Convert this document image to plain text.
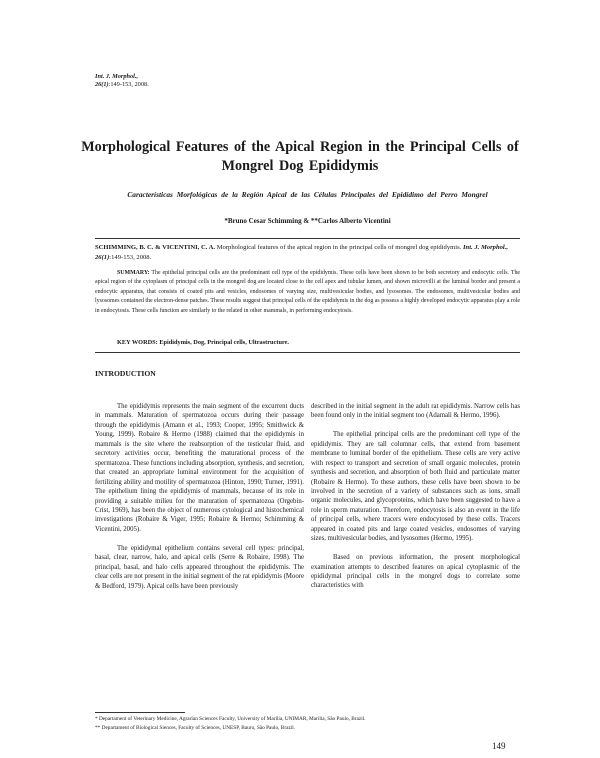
Int. J. Morphol.,
26(1):149-153, 2008.
Morphological Features of the Apical Region in the Principal Cells of Mongrel Dog Epididymis
Características Morfológicas de la Región Apical de las Células Principales del Epidídimo del Perro Mongrel
*Bruno Cesar Schimming & **Carlos Alberto Vicentini
SCHIMMING, B. C. & VICENTINI, C. A. Morphological features of the apical region in the principal cells of mongrel dog epididymis. Int. J. Morphol., 26(1):149-153, 2008.
SUMMARY: The epithelial principal cells are the predominant cell type of the epididymis. These cells have been shown to be both secretory and endocytic cells. The apical region of the cytoplasm of principal cells in the mongrel dog are located close to the cell apex and tubular lumen, and shown microvilli at the luminal border and present a endocytic apparatus, that consists of coated pits and vesicles, endosomes of varying size, multivesicular bodies, and lysosomes. The endosomes, multivesicular bodies and lysosomes contained the electron-dense patches. These results suggest that principal cells of the epididymis in the dog as possess a highly developed endocytic apparatus play a role in endocytosis. These cells function are similarly to the related in other mammals, in performing endocytosis.
KEY WORDS: Epididymis, Dog, Principal cells, Ultrastructure.
INTRODUCTION

The epididymis represents the main segment of the excurrent ducts in mammals. Maturation of spermatozoa occurs during their passage through the epididymis (Amann et al., 1993; Cooper, 1995; Smithwick & Young, 1999). Robaire & Hermo (1988) claimed that the epididymis in mammals is the site where the reabsorption of the testicular fluid, and secretory activities occur, benefiting the maturational process of the spermatozoa. These functions including absorption, synthesis, and secretion, that created an appropriate luminal environment for the acquisition of fertilizing ability and motility of spermatozoa (Hinton, 1990; Turner, 1991). The epithelium lining the epididymis of mammals, because of its role in providing a suitable milieu for the maturation of spermatozoa (Orgebin-Crist, 1969), has been the object of numerous cytological and histochemical investigations (Robaire & Viger, 1995; Robaire & Hermo; Schimming & Vicentini, 2005).

The epididymal epithelium contains several cell types: principal, basal, clear, narrow, halo, and apical cells (Serre & Robaire, 1998). The principal, basal, and halo cells appeared throughout the epididymis. The clear cells are not present in the initial segment of the rat epididymis (Moore & Bedford, 1979). Apical cells have been previously

described in the initial segment in the adult rat epididymis. Narrow cells has been found only in the initial segment too (Adamali & Hermo, 1996).

The epithelial principal cells are the predominant cell type of the epididymis. They are tall columnar cells, that extend from basement membrane to luminal border of the epithelium. These cells are very active with respect to transport and secretion of small organic molecules, protein synthesis and secretion, and absorption of both fluid and particulate matter (Robaire & Hermo). To these authors, these cells have been shown to be involved in the secretion of a variety of substances such as ions, small organic molecules, and glycoproteins, which have been suggested to have a role in sperm maturation. Therefore, endocytosis is also an event in the life of principal cells, where tracers were endocytosed by these cells. Tracers appeared in coated pits and large coated vesicles, endosomes of varying sizes, multivesicular bodies, and lysosomes (Hermo, 1995).

Based on previous information, the present morphological examination attempts to described features on apical cytoplasmic of the epididymal principal cells in the mongrel dogs to correlate some characteristics with

* Departament of Veterinary Medicine, Agrarian Sciences Faculty, University of Marília, UNIMAR, Marília, São Paulo, Brazil.
** Departament of Biological Siences, Faculty of Sciences, UNESP, Bauru, São Paulo, Brazil.
149
